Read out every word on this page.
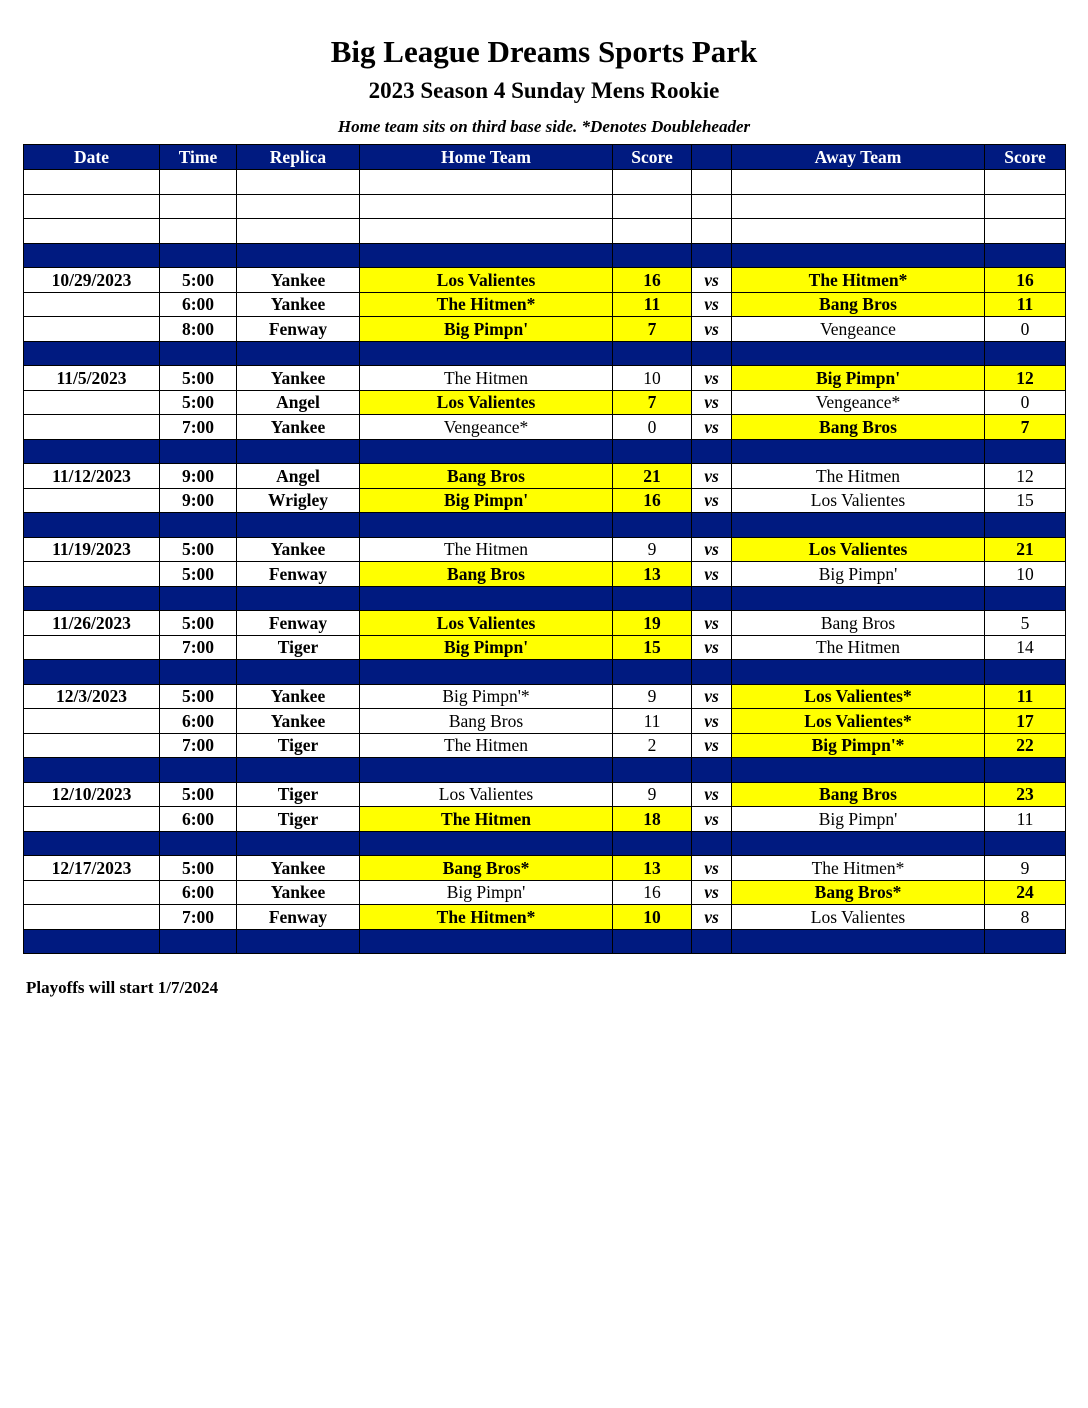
Big League Dreams Sports Park
2023 Season 4 Sunday Mens Rookie
Home team sits on third base side. *Denotes Doubleheader
Date	Time	Replica	Home Team	Score		Away Team	Score

10/29/2023	5:00	Yankee	Los Valientes	16	vs	The Hitmen*	16
	6:00	Yankee	The Hitmen*	11	vs	Bang Bros	11
	8:00	Fenway	Big Pimpn'	7	vs	Vengeance	0

11/5/2023	5:00	Yankee	The Hitmen	10	vs	Big Pimpn'	12
	5:00	Angel	Los Valientes	7	vs	Vengeance*	0
	7:00	Yankee	Vengeance*	0	vs	Bang Bros	7

11/12/2023	9:00	Angel	Bang Bros	21	vs	The Hitmen	12
	9:00	Wrigley	Big Pimpn'	16	vs	Los Valientes	15

11/19/2023	5:00	Yankee	The Hitmen	9	vs	Los Valientes	21
	5:00	Fenway	Bang Bros	13	vs	Big Pimpn'	10

11/26/2023	5:00	Fenway	Los Valientes	19	vs	Bang Bros	5
	7:00	Tiger	Big Pimpn'	15	vs	The Hitmen	14

12/3/2023	5:00	Yankee	Big Pimpn'*	9	vs	Los Valientes*	11
	6:00	Yankee	Bang Bros	11	vs	Los Valientes*	17
	7:00	Tiger	The Hitmen	2	vs	Big Pimpn'*	22

12/10/2023	5:00	Tiger	Los Valientes	9	vs	Bang Bros	23
	6:00	Tiger	The Hitmen	18	vs	Big Pimpn'	11

12/17/2023	5:00	Yankee	Bang Bros*	13	vs	The Hitmen*	9
	6:00	Yankee	Big Pimpn'	16	vs	Bang Bros*	24
	7:00	Fenway	The Hitmen*	10	vs	Los Valientes	8

Playoffs will start 1/7/2024
